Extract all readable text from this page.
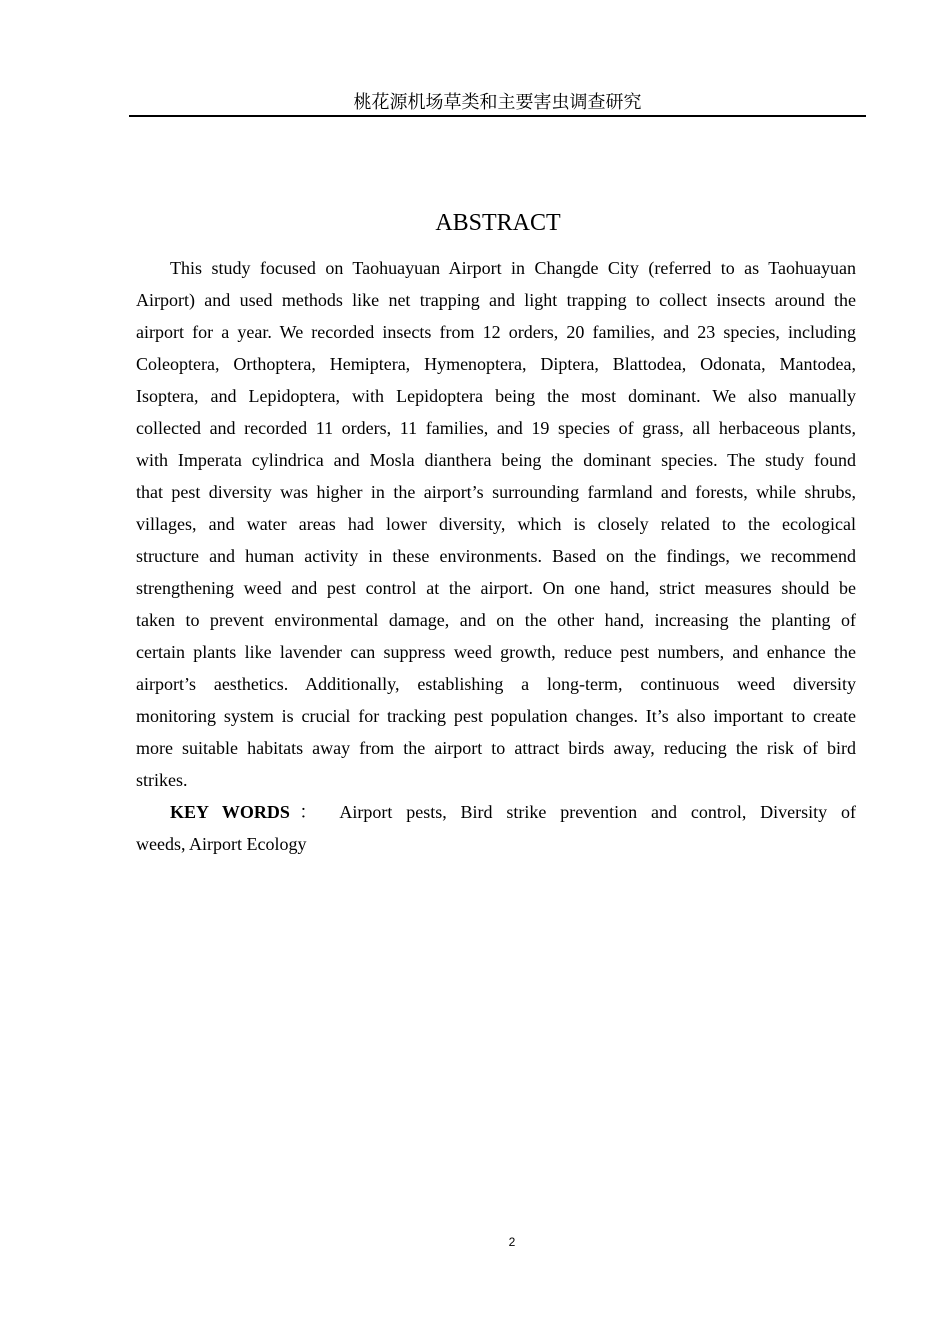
桃花源机场草类和主要害虫调查研究
ABSTRACT
This study focused on Taohuayuan Airport in Changde City (referred to as Taohuayuan
Airport) and used methods like net trapping and light trapping to collect insects around the
airport for a year. We recorded insects from 12 orders, 20 families, and 23 species, including
Coleoptera, Orthoptera, Hemiptera, Hymenoptera, Diptera, Blattodea, Odonata, Mantodea,
Isoptera, and Lepidoptera, with Lepidoptera being the most dominant. We also manually
collected and recorded 11 orders, 11 families, and 19 species of grass, all herbaceous plants,
with Imperata cylindrica and Mosla dianthera being the dominant species. The study found
that pest diversity was higher in the airport’s surrounding farmland and forests, while shrubs,
villages, and water areas had lower diversity, which is closely related to the ecological
structure and human activity in these environments. Based on the findings, we recommend
strengthening weed and pest control at the airport. On one hand, strict measures should be
taken to prevent environmental damage, and on the other hand, increasing the planting of
certain plants like lavender can suppress weed growth, reduce pest numbers, and enhance the
airport’s aesthetics. Additionally, establishing a long-term, continuous weed diversity
monitoring system is crucial for tracking pest population changes. It’s also important to create
more suitable habitats away from the airport to attract birds away, reducing the risk of bird
strikes.
KEY WORDS： Airport pests, Bird strike prevention and control, Diversity of
weeds, Airport Ecology
2
